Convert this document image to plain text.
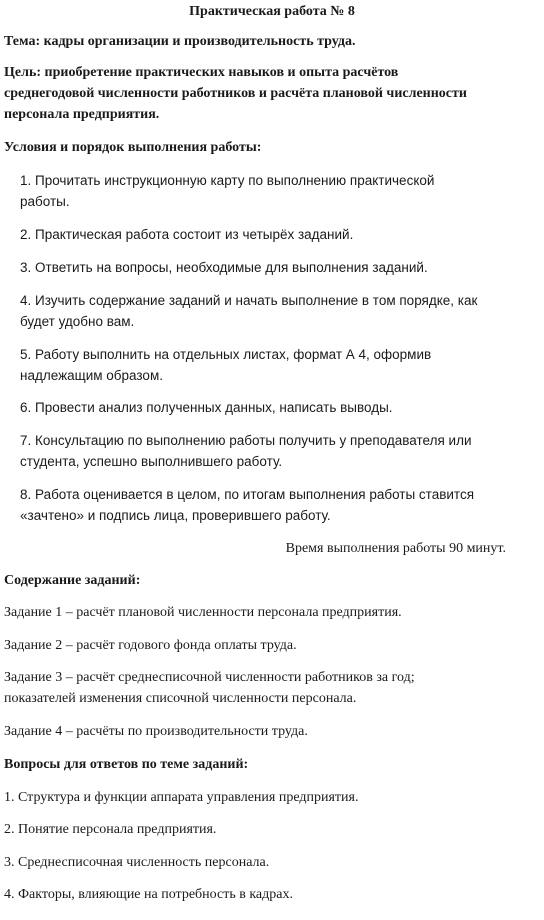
Практическая работа № 8
Тема: кадры организации и производительность труда.
Цель: приобретение практических навыков и опыта расчётов
среднегодовой численности работников и расчёта плановой численности
персонала предприятия.
Условия и порядок выполнения работы:
1. Прочитать инструкционную карту по выполнению практической
работы.
2. Практическая работа состоит из четырёх заданий.
3. Ответить на вопросы, необходимые для выполнения заданий.
4. Изучить содержание заданий и начать выполнение в том порядке, как
будет удобно вам.
5. Работу выполнить на отдельных листах, формат А 4, оформив
надлежащим образом.
6. Провести анализ полученных данных, написать выводы.
7. Консультацию по выполнению работы получить у преподавателя или
студента, успешно выполнившего работу.
8. Работа оценивается в целом, по итогам выполнения работы ставится
«зачтено» и подпись лица, проверившего работу.
Время выполнения работы 90 минут.
Содержание заданий:
Задание 1 – расчёт плановой численности персонала предприятия.
Задание 2 – расчёт годового фонда оплаты труда.
Задание 3 – расчёт среднесписочной численности работников за год;
показателей изменения списочной численности персонала.
Задание 4 – расчёты по производительности труда.
Вопросы для ответов по теме заданий:
1. Структура и функции аппарата управления предприятия.
2. Понятие персонала предприятия.
3. Среднесписочная численность персонала.
4. Факторы, влияющие на потребность в кадрах.
